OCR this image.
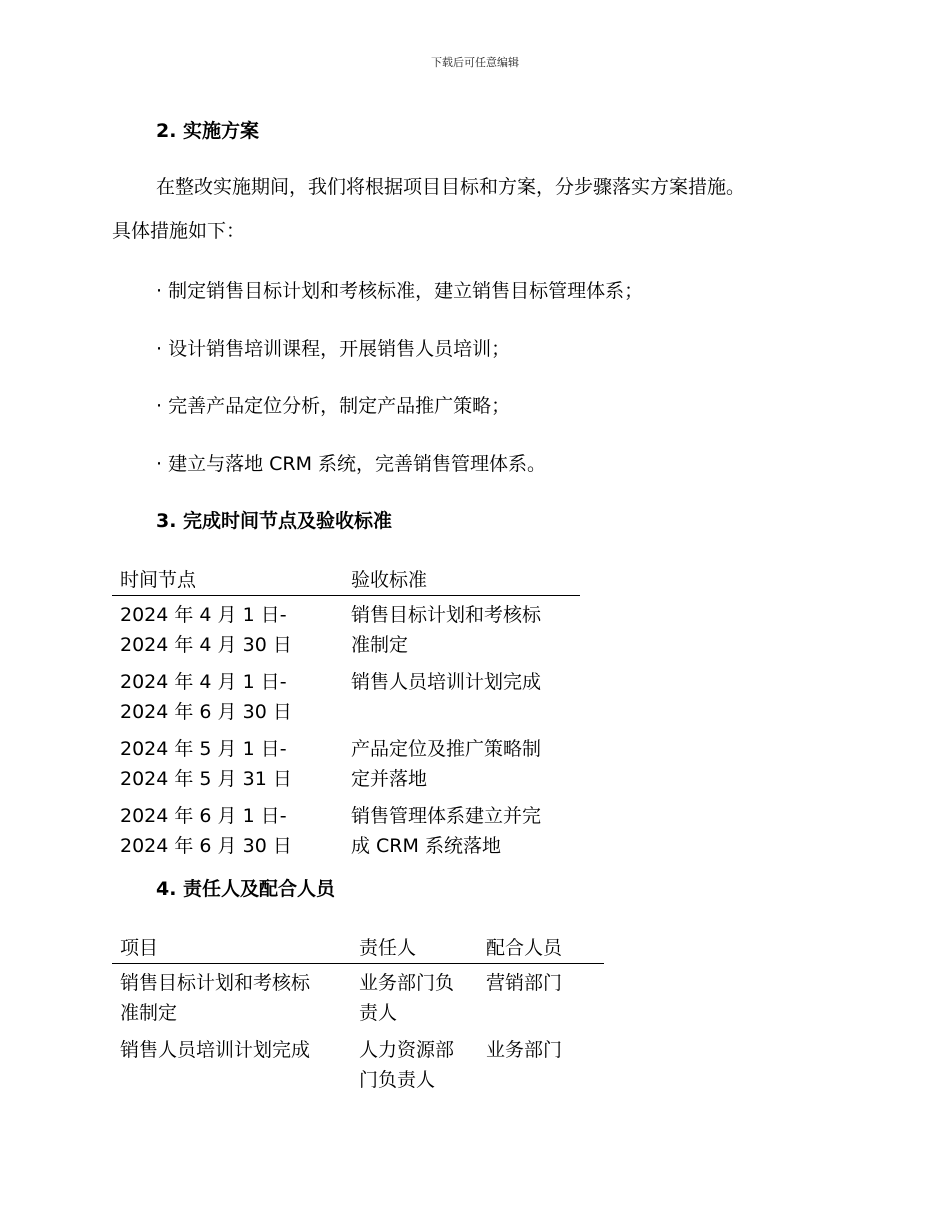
下载后可任意编辑
2. 实施方案
在整改实施期间，我们将根据项目目标和方案，分步骤落实方案措施。
具体措施如下：
· 制定销售目标计划和考核标准，建立销售目标管理体系；
· 设计销售培训课程，开展销售人员培训；
· 完善产品定位分析，制定产品推广策略；
· 建立与落地 CRM 系统，完善销售管理体系。
3. 完成时间节点及验收标准
时间节点	验收标准

2024 年 4 月 1 日-
2024 年 4 月 30 日	销售目标计划和考核标
准制定

2024 年 4 月 1 日-
2024 年 6 月 30 日	销售人员培训计划完成

2024 年 5 月 1 日-
2024 年 5 月 31 日	产品定位及推广策略制
定并落地

2024 年 6 月 1 日-
2024 年 6 月 30 日	销售管理体系建立并完
成 CRM 系统落地
4. 责任人及配合人员
项目	责任人	配合人员

销售目标计划和考核标
准制定	业务部门负
责人	营销部门

销售人员培训计划完成	人力资源部
门负责人	业务部门
